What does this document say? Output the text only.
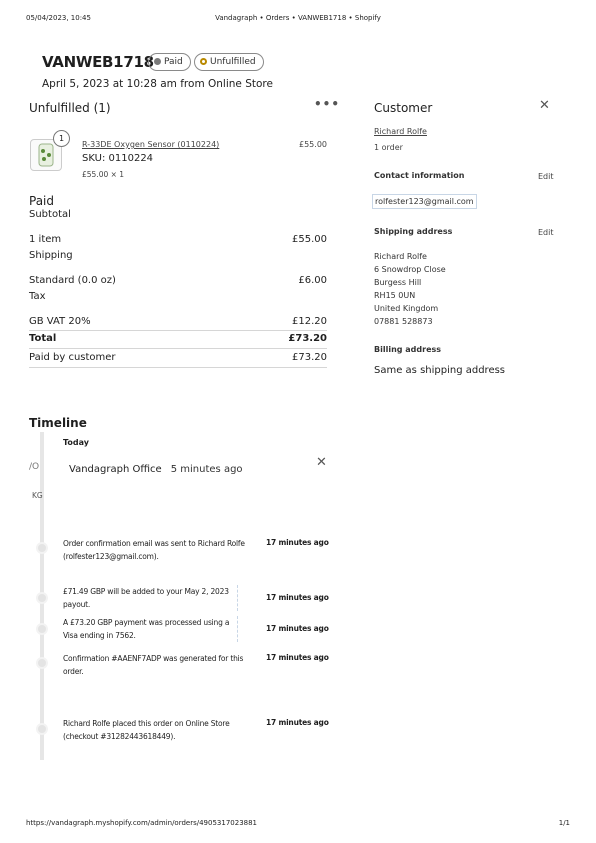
05/04/2023, 10:45	Vandagraph • Orders • VANWEB1718 • Shopify
VANWEB1718	Paid	Unfulfilled
April 5, 2023 at 10:28 am from Online Store
Unfulfilled (1)	•••
1
R-33DE Oxygen Sensor (0110224)	£55.00
SKU: 0110224
£55.00 × 1
Paid
Subtotal
1 item	£55.00
Shipping
Standard (0.0 oz)	£6.00
Tax
GB VAT 20%	£12.20
Total	£73.20
Paid by customer	£73.20
Customer	✕
Richard Rolfe
1 order
Contact information	Edit
rolfester123@gmail.com
Shipping address	Edit
Richard Rolfe
6 Snowdrop Close
Burgess Hill
RH15 0UN
United Kingdom
07881 528873
Billing address
Same as shipping address
Timeline
Today
/O
KG
Vandagraph Office 5 minutes ago	✕
Order confirmation email was sent to Richard Rolfe (rolfester123@gmail.com).
17 minutes ago
£71.49 GBP will be added to your May 2, 2023 payout.
17 minutes ago
A £73.20 GBP payment was processed using a Visa ending in 7562.
17 minutes ago
Confirmation #AAENF7ADP was generated for this order.
17 minutes ago
Richard Rolfe placed this order on Online Store (checkout #31282443618449).
17 minutes ago
https://vandagraph.myshopify.com/admin/orders/4905317023881	1/1
